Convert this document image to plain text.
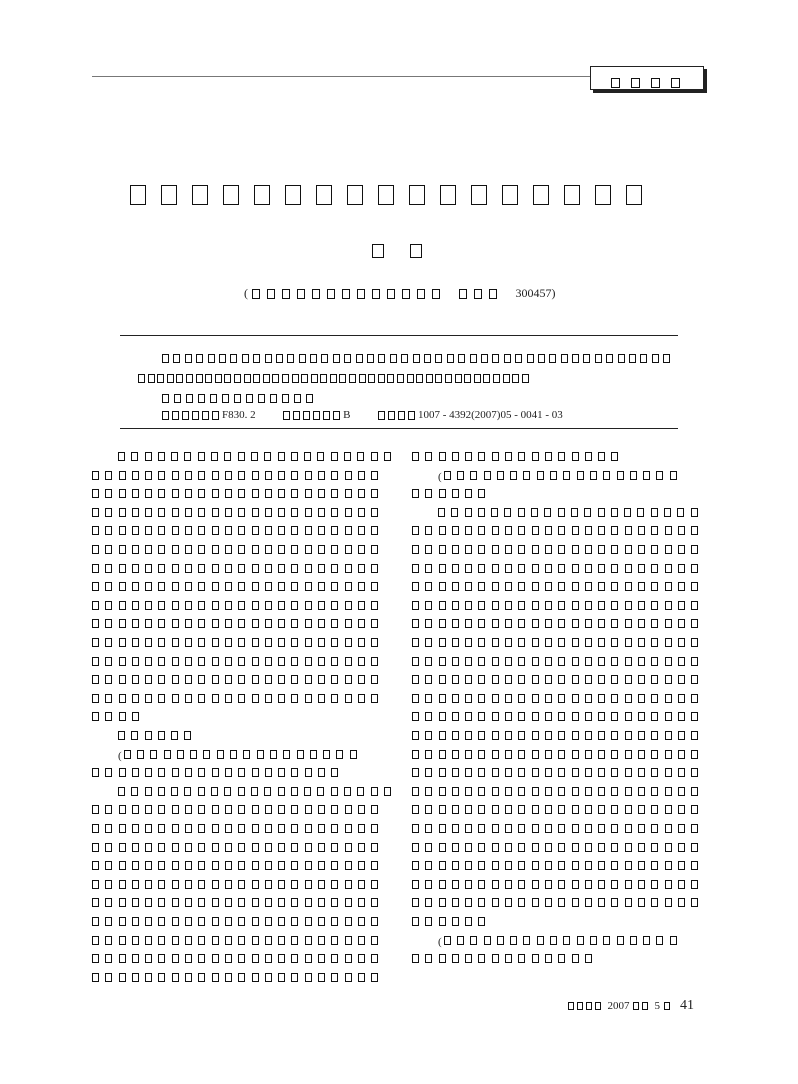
(	300457)
F830. 2	B	1007 - 4392(2007)05 - 0041 - 03
(
(
(
2007 5 41
